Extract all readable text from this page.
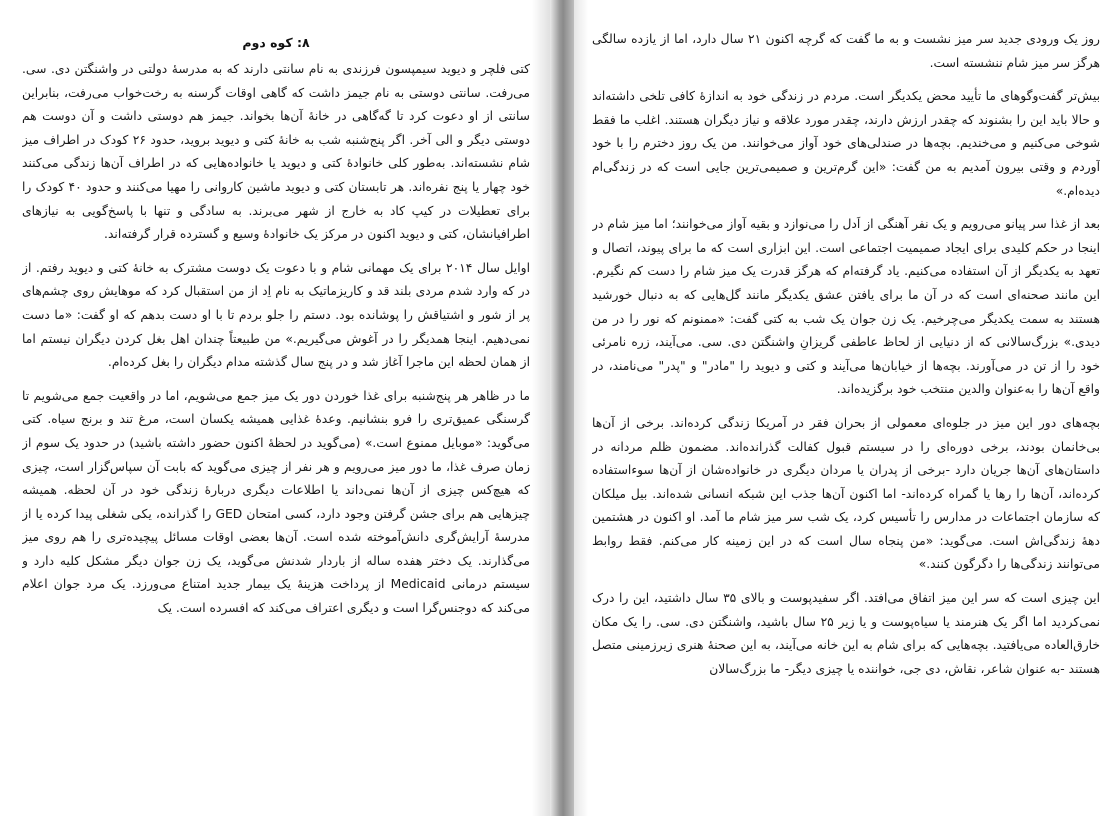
۸: کوه دوم

کتی فلچر و دیوید سیمپسون فرزندی به نام سانتی دارند که به مدرسهٔ دولتی در واشنگتن دی. سی. می‌رفت. سانتی دوستی به نام جیمز داشت که گاهی اوقات گرسنه به رخت‌خواب می‌رفت، بنابراین سانتی از او دعوت کرد تا گه‌گاهی در خانهٔ آن‌ها بخواند. جیمز هم دوستی داشت و آن دوست هم دوستی دیگر و الی آخر. اگر پنج‌شنبه شب به خانهٔ کتی و دیوید بروید، حدود ۲۶ کودک در اطراف میز شام نشسته‌اند. به‌طور کلی خانوادهٔ کتی و دیوید یا خانواده‌هایی که در اطراف آن‌ها زندگی می‌کنند خود چهار یا پنج نفره‌اند. هر تابستان کتی و دیوید ماشین کاروانی را مهیا می‌کنند و حدود ۴۰ کودک را برای تعطیلات در کیپ کاد به خارج از شهر می‌برند. به سادگی و تنها با پاسخ‌گویی به نیازهای اطرافیانشان، کتی و دیوید اکنون در مرکز یک خانوادهٔ وسیع و گسترده قرار گرفته‌اند.

اوایل سال ۲۰۱۴ برای یک مهمانی شام و با دعوت یک دوست مشترک به خانهٔ کتی و دیوید رفتم. از در که وارد شدم مردی بلند قد و کاریزماتیک به نام اِد از من استقبال کرد که موهایش روی چشم‌های پر از شور و اشتیاقش را پوشانده بود. دستم را جلو بردم تا با او دست بدهم که او گفت: «ما دست نمی‌دهیم. اینجا همدیگر را در آغوش می‌گیریم.» من طبیعتاً چندان اهل بغل کردن دیگران نیستم اما از همان لحظه این ماجرا آغاز شد و در پنج سال گذشته مدام دیگران را بغل کرده‌ام.

ما در ظاهر هر پنج‌شنبه برای غذا خوردن دور یک میز جمع می‌شویم، اما در واقعیت جمع می‌شویم تا گرسنگی عمیق‌تری را فرو بنشانیم. وعدهٔ غذایی همیشه یکسان است، مرغ تند و برنج سیاه. کتی می‌گوید: «موبایل ممنوع است.» (می‌گوید در لحظهٔ اکنون حضور داشته باشید) در حدود یک سوم از زمان صرف غذا، ما دور میز می‌رویم و هر نفر از چیزی می‌گوید که بابت آن سپاس‌گزار است، چیزی که هیچ‌کس چیزی از آن‌ها نمی‌داند یا اطلاعات دیگری دربارهٔ زندگی خود در آن لحظه. همیشه چیزهایی هم برای جشن گرفتن وجود دارد، کسی امتحان GED را گذرانده، یکی شغلی پیدا کرده یا از مدرسهٔ آرایش‌گری دانش‌آموخته شده است. آن‌ها بعضی اوقات مسائل پیچیده‌تری را هم روی میز می‌گذارند. یک دختر هفده ساله از باردار شدنش می‌گوید، یک زن جوان دیگر مشکل کلیه دارد و سیستم درمانی Medicaid از پرداخت هزینهٔ یک بیمار جدید امتناع می‌ورزد. یک مرد جوان اعلام می‌کند که دوجنس‌گرا است و دیگری اعتراف می‌کند که افسرده است. یک

روز یک ورودی جدید سر میز نشست و به ما گفت که گرچه اکنون ۲۱ سال دارد، اما از یازده سالگی هرگز سر میز شام ننشسته است.

بیش‌تر گفت‌وگوهای ما تأیید محض یکدیگر است. مردم در زندگی خود به اندازهٔ کافی تلخی داشته‌اند و حالا باید این را بشنوند که چقدر ارزش دارند، چقدر مورد علاقه و نیاز دیگران هستند. اغلب ما فقط شوخی می‌کنیم و می‌خندیم. بچه‌ها در صندلی‌های خود آواز می‌خوانند. من یک روز دخترم را با خود آوردم و وقتی بیرون آمدیم به من گفت: «این گرم‌ترین و صمیمی‌ترین جایی است که در زندگی‌ام دیده‌ام.»

بعد از غذا سر پیانو می‌رویم و یک نفر آهنگی از اَدل را می‌نوازد و بقیه آواز می‌خوانند؛ اما میز شام در اینجا در حکم کلیدی برای ایجاد صمیمیت اجتماعی است. این ابزاری است که ما برای پیوند، اتصال و تعهد به یکدیگر از آن استفاده می‌کنیم. یاد گرفته‌ام که هرگز قدرت یک میز شام را دست کم نگیرم. این مانند صحنه‌ای است که در آن ما برای یافتن عشق یکدیگر مانند گل‌هایی که به دنبال خورشید هستند به سمت یکدیگر می‌چرخیم. یک زن جوان یک شب به کتی گفت: «ممنونم که نور را در من دیدی.» بزرگ‌سالانی که از دنیایی از لحاظ عاطفی گریزانِ واشنگتن دی. سی. می‌آیند، زره نامرئی خود را از تن در می‌آورند. بچه‌ها از خیابان‌ها می‌آیند و کتی و دیوید را "مادر" و "پدر" می‌نامند، در واقع آن‌ها را به‌عنوان والدین منتخب خود برگزیده‌اند.

بچه‌های دور این میز در جلوه‌ای معمولی از بحران فقر در آمریکا زندگی کرده‌اند. برخی از آن‌ها بی‌خانمان بودند، برخی دوره‌ای را در سیستم قبول کفالت گذرانده‌اند. مضمون ظلم مردانه در داستان‌های آن‌ها جریان دارد -برخی از پدران یا مردان دیگری در خانواده‌شان از آن‌ها سوءاستفاده کرده‌اند، آن‌ها را رها یا گمراه کرده‌اند- اما اکنون آن‌ها جذب این شبکه انسانی شده‌اند. بیل میلکان که سازمان اجتماعات در مدارس را تأسیس کرد، یک شب سر میز شام ما آمد. او اکنون در هشتمین دههٔ زندگی‌اش است. می‌گوید: «من پنجاه سال است که در این زمینه کار می‌کنم. فقط روابط می‌توانند زندگی‌ها را دگرگون کنند.»

این چیزی است که سر این میز اتفاق می‌افتد. اگر سفیدپوست و بالای ۳۵ سال داشتید، این را درک نمی‌کردید اما اگر یک هنرمند یا سیاه‌پوست و یا زیر ۲۵ سال باشید، واشنگتن دی. سی. را یک مکان خارق‌العاده می‌یافتید. بچه‌هایی که برای شام به این خانه می‌آیند، به این صحنهٔ هنری زیرزمینی متصل هستند -به عنوان شاعر، نقاش، دی جی، خواننده یا چیزی دیگر- ما بزرگ‌سالان
